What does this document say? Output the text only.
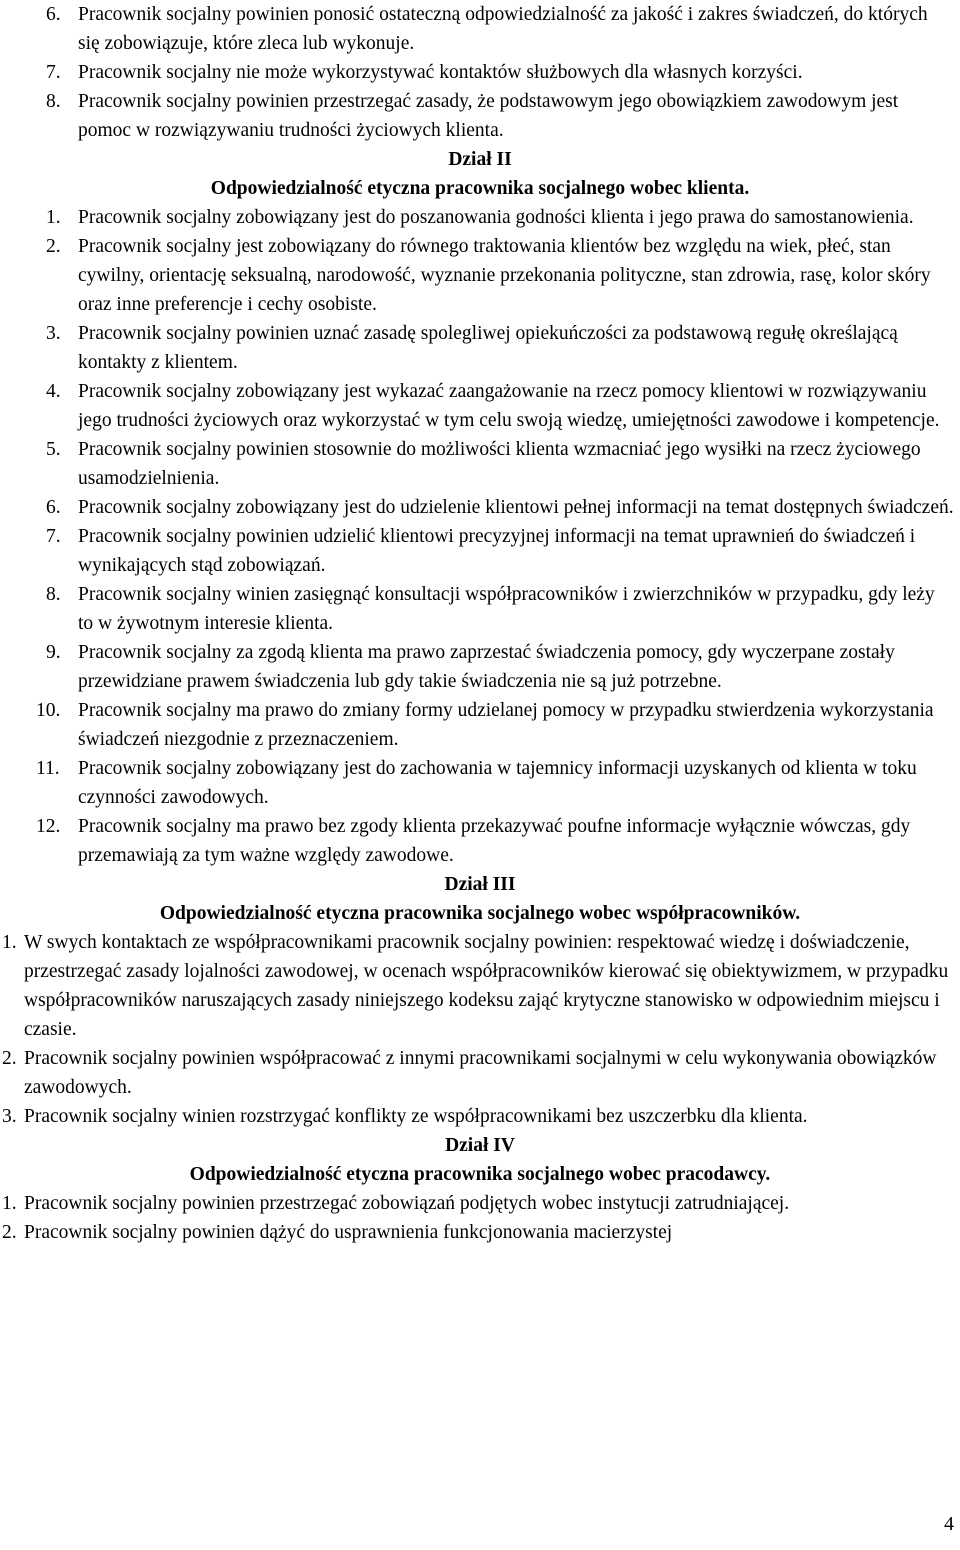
6. Pracownik socjalny powinien ponosić ostateczną odpowiedzialność za jakość i zakres świadczeń, do których się zobowiązuje, które zleca lub wykonuje.
7. Pracownik socjalny nie może wykorzystywać kontaktów służbowych dla własnych korzyści.
8. Pracownik socjalny powinien przestrzegać zasady, że podstawowym jego obowiązkiem zawodowym jest pomoc w rozwiązywaniu trudności życiowych klienta.
Dział II
Odpowiedzialność etyczna pracownika socjalnego wobec klienta.
1. Pracownik socjalny zobowiązany jest do poszanowania godności klienta i jego prawa do samostanowienia.
2. Pracownik socjalny jest zobowiązany do równego traktowania klientów bez względu na wiek, płeć, stan cywilny, orientację seksualną, narodowość, wyznanie przekonania polityczne, stan zdrowia, rasę, kolor skóry oraz inne preferencje i cechy osobiste.
3. Pracownik socjalny powinien uznać zasadę spolegliwej opiekuńczości za podstawową regułę określającą kontakty z klientem.
4. Pracownik socjalny zobowiązany jest wykazać zaangażowanie na rzecz pomocy klientowi w rozwiązywaniu jego trudności życiowych oraz wykorzystać w tym celu swoją wiedzę, umiejętności zawodowe i kompetencje.
5. Pracownik socjalny powinien stosownie do możliwości klienta wzmacniać jego wysiłki na rzecz życiowego usamodzielnienia.
6. Pracownik socjalny zobowiązany jest do udzielenie klientowi pełnej informacji na temat dostępnych świadczeń.
7. Pracownik socjalny powinien udzielić klientowi precyzyjnej informacji na temat uprawnień do świadczeń i wynikających stąd zobowiązań.
8. Pracownik socjalny winien zasięgnąć konsultacji współpracowników i zwierzchników w przypadku, gdy leży to w żywotnym interesie klienta.
9. Pracownik socjalny za zgodą klienta ma prawo zaprzestać świadczenia pomocy, gdy wyczerpane zostały przewidziane prawem świadczenia lub gdy takie świadczenia nie są już potrzebne.
10. Pracownik socjalny ma prawo do zmiany formy udzielanej pomocy w przypadku stwierdzenia wykorzystania świadczeń niezgodnie z przeznaczeniem.
11. Pracownik socjalny zobowiązany jest do zachowania w tajemnicy informacji uzyskanych od klienta w toku czynności zawodowych.
12. Pracownik socjalny ma prawo bez zgody klienta przekazywać poufne informacje wyłącznie wówczas, gdy przemawiają za tym ważne względy zawodowe.
Dział III
Odpowiedzialność etyczna pracownika socjalnego wobec współpracowników.
1. W swych kontaktach ze współpracownikami pracownik socjalny powinien: respektować wiedzę i doświadczenie, przestrzegać zasady lojalności zawodowej, w ocenach współpracowników kierować się obiektywizmem, w przypadku współpracowników naruszających zasady niniejszego kodeksu zająć krytyczne stanowisko w odpowiednim miejscu i czasie.
2. Pracownik socjalny powinien współpracować z innymi pracownikami socjalnymi w celu wykonywania obowiązków zawodowych.
3. Pracownik socjalny winien rozstrzygać konflikty ze współpracownikami bez uszczerbku dla klienta.
Dział IV
Odpowiedzialność etyczna pracownika socjalnego wobec pracodawcy.
1. Pracownik socjalny powinien przestrzegać zobowiązań podjętych wobec instytucji zatrudniającej.
2. Pracownik socjalny powinien dążyć do usprawnienia funkcjonowania macierzystej
4
